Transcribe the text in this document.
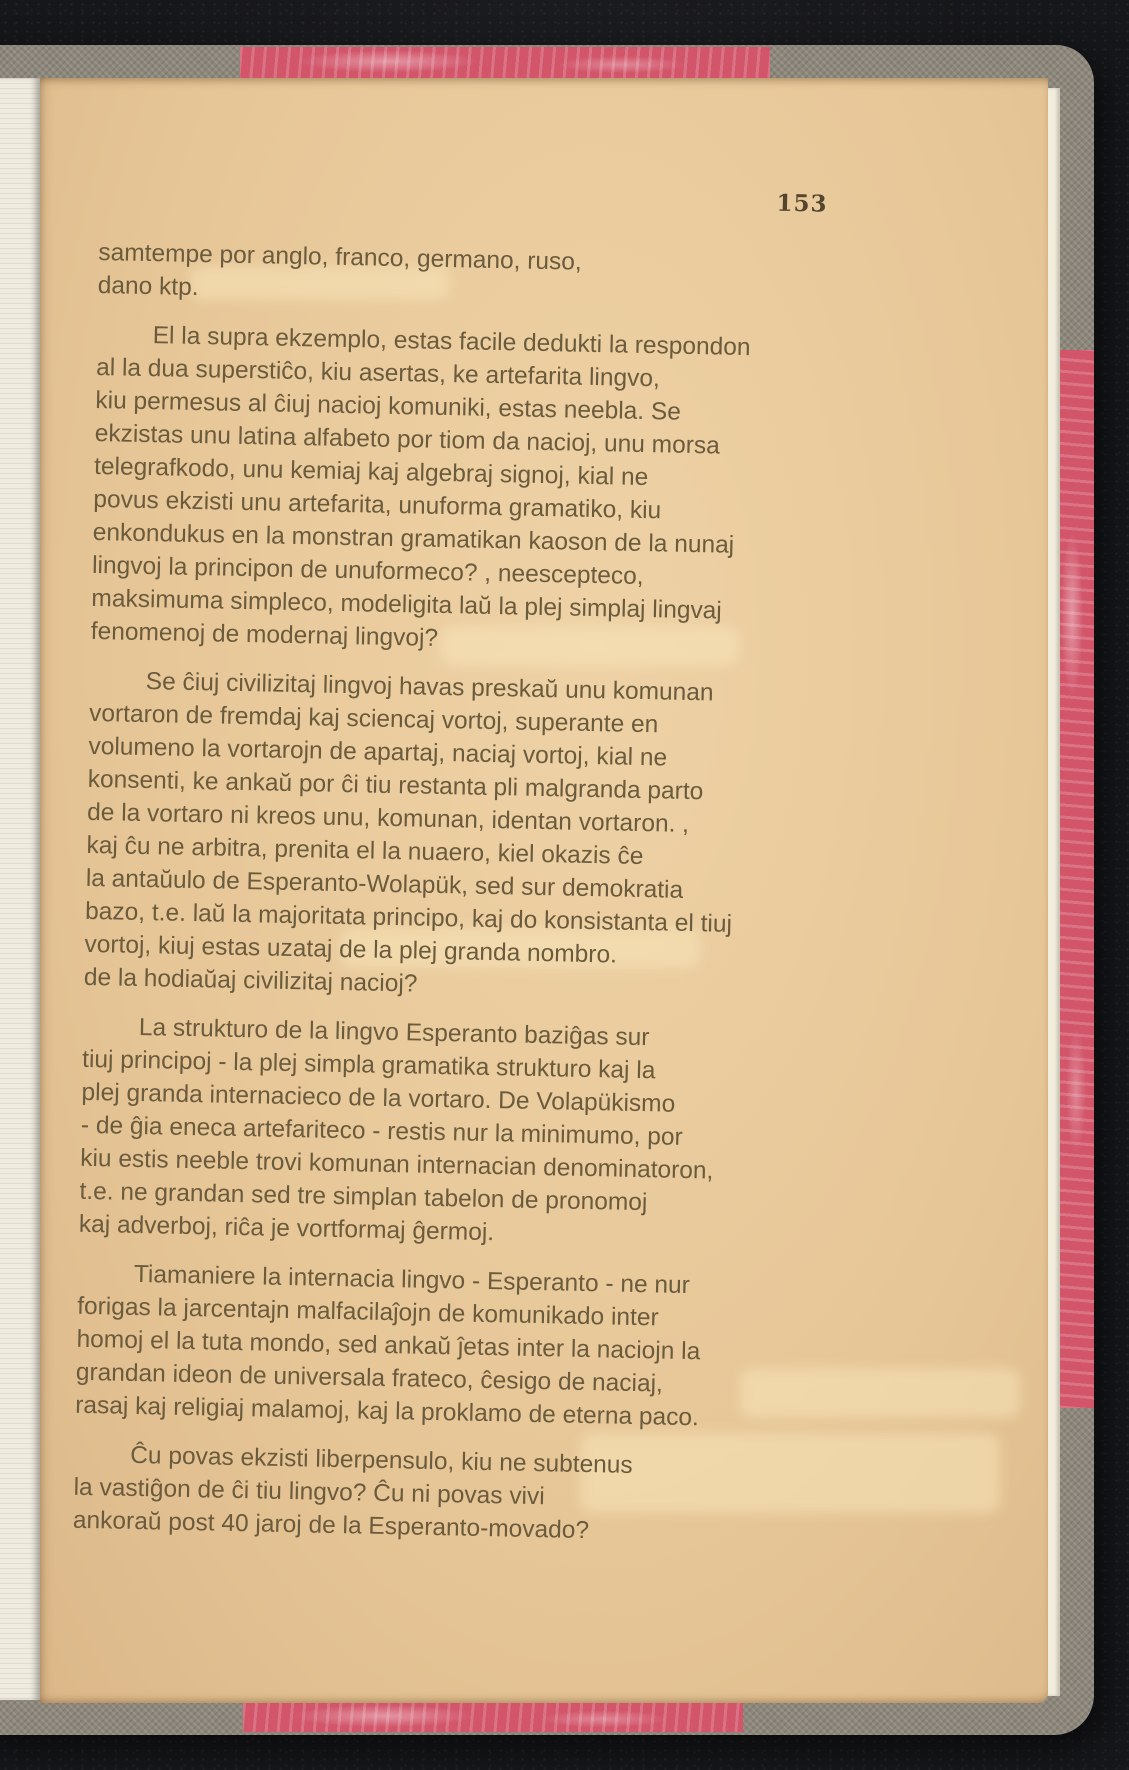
153
samtempe por anglo, franco, germano, ruso,
dano ktp.
El la supra ekzemplo, estas facile dedukti la respondon
al la dua superstiĉo, kiu asertas, ke artefarita lingvo,
kiu permesus al ĉiuj nacioj komuniki, estas neebla. Se
ekzistas unu latina alfabeto por tiom da nacioj, unu morsa
telegrafkodo, unu kemiaj kaj algebraj signoj, kial ne
povus ekzisti unu artefarita, unuforma gramatiko, kiu
enkondukus en la monstran gramatikan kaoson de la nunaj
lingvoj la principon de unuformeco? , neescepteco,
maksimuma simpleco, modeligita laŭ la plej simplaj lingvaj
fenomenoj de modernaj lingvoj?
Se ĉiuj civilizitaj lingvoj havas preskaŭ unu komunan
vortaron de fremdaj kaj sciencaj vortoj, superante en
volumeno la vortarojn de apartaj, naciaj vortoj, kial ne
konsenti, ke ankaŭ por ĉi tiu restanta pli malgranda parto
de la vortaro ni kreos unu, komunan, identan vortaron. ,
kaj ĉu ne arbitra, prenita el la nuaero, kiel okazis ĉe
la antaŭulo de Esperanto-Wolapük, sed sur demokratia
bazo, t.e. laŭ la majoritata principo, kaj do konsistanta el tiuj
vortoj, kiuj estas uzataj de la plej granda nombro.
de la hodiaŭaj civilizitaj nacioj?
La strukturo de la lingvo Esperanto baziĝas sur
tiuj principoj - la plej simpla gramatika strukturo kaj la
plej granda internacieco de la vortaro. De Volapükismo
- de ĝia eneca artefariteco - restis nur la minimumo, por
kiu estis neeble trovi komunan internacian denominatoron,
t.e. ne grandan sed tre simplan tabelon de pronomoj
kaj adverboj, riĉa je vortformaj ĝermoj.
Tiamaniere la internacia lingvo - Esperanto - ne nur
forigas la jarcentajn malfacilaĵojn de komunikado inter
homoj el la tuta mondo, sed ankaŭ ĵetas inter la naciojn la
grandan ideon de universala frateco, ĉesigo de naciaj,
rasaj kaj religiaj malamoj, kaj la proklamo de eterna paco.
Ĉu povas ekzisti liberpensulo, kiu ne subtenus
la vastiĝon de ĉi tiu lingvo? Ĉu ni povas vivi
ankoraŭ post 40 jaroj de la Esperanto-movado?
